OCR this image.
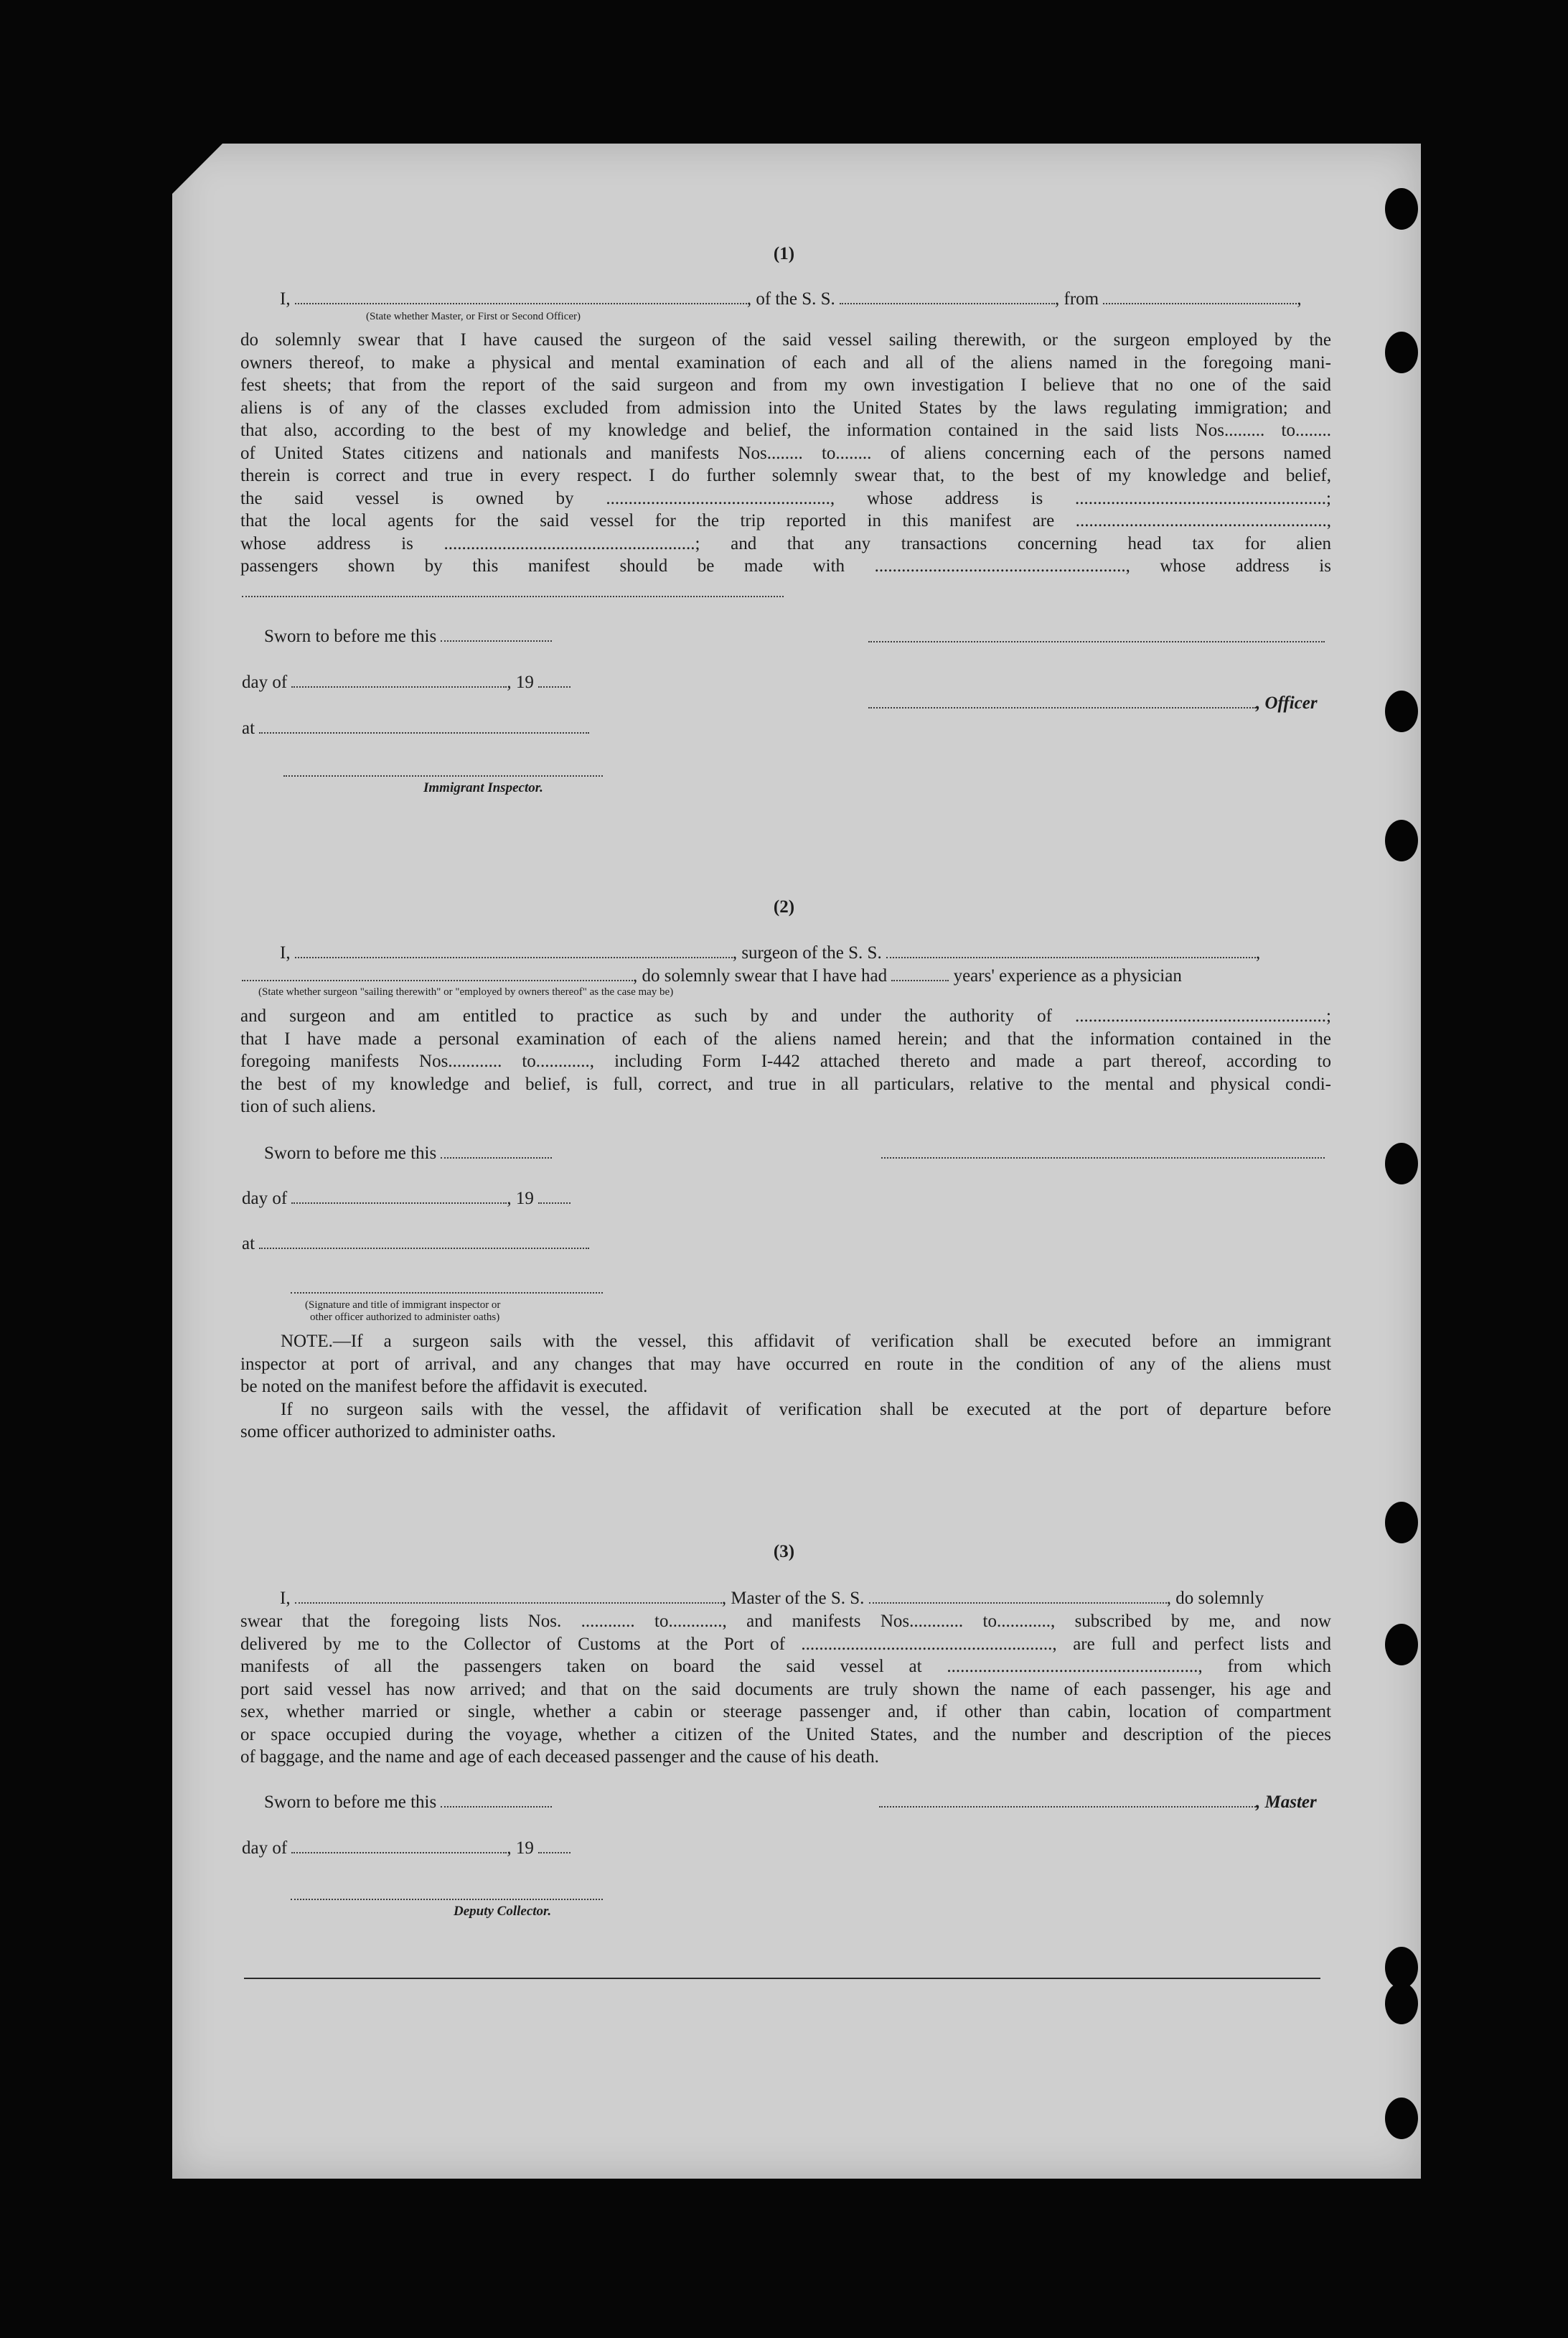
(1)
I,	, of the S. S.	, from	,
(State whether Master, or First or Second Officer)
do solemnly swear that I have caused the surgeon of the said vessel sailing therewith, or the surgeon employed by the
owners thereof, to make a physical and mental examination of each and all of the aliens named in the foregoing mani-
fest sheets; that from the report of the said surgeon and from my own investigation I believe that no one of the said
aliens is of any of the classes excluded from admission into the United States by the laws regulating immigration; and
that also, according to the best of my knowledge and belief, the information contained in the said lists Nos......... to........
of United States citizens and nationals and manifests Nos........ to........ of aliens concerning each of the persons named
therein is correct and true in every respect. I do further solemnly swear that, to the best of my knowledge and belief,
the said vessel is owned by .................................................., whose address is ........................................................;
that the local agents for the said vessel for the trip reported in this manifest are ........................................................,
whose address is ........................................................; and that any transactions concerning head tax for alien
passengers shown by this manifest should be made with ........................................................, whose address is
Sworn to before me this
day of	, 19
, Officer
at
Immigrant Inspector.
(2)
I,	, surgeon of the S. S.	,
, do solemnly swear that I have had	years' experience as a physician
(State whether surgeon "sailing therewith" or "employed by owners thereof" as the case may be)
and surgeon and am entitled to practice as such by and under the authority of ........................................................;
that I have made a personal examination of each of the aliens named herein; and that the information contained in the
foregoing manifests Nos............ to............, including Form I-442 attached thereto and made a part thereof, according to
the best of my knowledge and belief, is full, correct, and true in all particulars, relative to the mental and physical condi-
tion of such aliens.
Sworn to before me this
day of	, 19
at
(Signature and title of immigrant inspector or
other officer authorized to administer oaths)
NOTE.—If a surgeon sails with the vessel, this affidavit of verification shall be executed before an immigrant
inspector at port of arrival, and any changes that may have occurred en route in the condition of any of the aliens must
be noted on the manifest before the affidavit is executed.
If no surgeon sails with the vessel, the affidavit of verification shall be executed at the port of departure before
some officer authorized to administer oaths.
(3)
I,	, Master of the S. S.	, do solemnly
swear that the foregoing lists Nos. ............ to............, and manifests Nos............ to............, subscribed by me, and now
delivered by me to the Collector of Customs at the Port of ........................................................, are full and perfect lists and
manifests of all the passengers taken on board the said vessel at ........................................................, from which
port said vessel has now arrived; and that on the said documents are truly shown the name of each passenger, his age and
sex, whether married or single, whether a cabin or steerage passenger and, if other than cabin, location of compartment
or space occupied during the voyage, whether a citizen of the United States, and the number and description of the pieces
of baggage, and the name and age of each deceased passenger and the cause of his death.
Sworn to before me this	, Master
day of	, 19
Deputy Collector.
